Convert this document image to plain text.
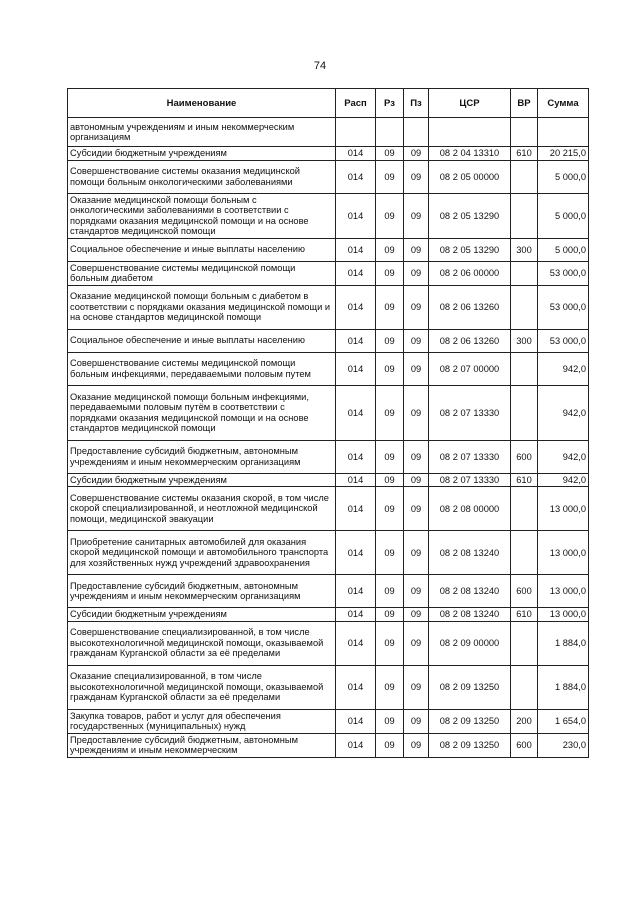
74
Наименование	Расп	Рз	Пз	ЦСР	ВР	Сумма
автономным учреждениям и иным некоммерческим организациям						
Субсидии бюджетным учреждениям	014	09	09	08 2 04 13310	610	20 215,0
Совершенствование системы оказания медицинской помощи больным онкологическими заболеваниями	014	09	09	08 2 05 00000		5 000,0
Оказание медицинской помощи больным с онкологическими заболеваниями в соответствии с порядками оказания медицинской помощи и на основе стандартов медицинской помощи	014	09	09	08 2 05 13290		5 000,0
Социальное обеспечение и иные выплаты населению	014	09	09	08 2 05 13290	300	5 000,0
Совершенствование системы медицинской помощи больным диабетом	014	09	09	08 2 06 00000		53 000,0
Оказание медицинской помощи больным с диабетом в соответствии с порядками оказания медицинской помощи и на основе стандартов медицинской помощи	014	09	09	08 2 06 13260		53 000,0
Социальное обеспечение и иные выплаты населению	014	09	09	08 2 06 13260	300	53 000,0
Совершенствование системы медицинской помощи больным инфекциями, передаваемыми половым путем	014	09	09	08 2 07 00000		942,0
Оказание медицинской помощи больным инфекциями, передаваемыми половым путём в соответствии с порядками оказания медицинской помощи и на основе стандартов медицинской помощи	014	09	09	08 2 07 13330		942,0
Предоставление субсидий бюджетным, автономным учреждениям и иным некоммерческим организациям	014	09	09	08 2 07 13330	600	942,0
Субсидии бюджетным учреждениям	014	09	09	08 2 07 13330	610	942,0
Совершенствование системы оказания скорой, в том числе скорой специализированной, и неотложной медицинской помощи, медицинской эвакуации	014	09	09	08 2 08 00000		13 000,0
Приобретение санитарных автомобилей для оказания скорой медицинской помощи и автомобильного транспорта для хозяйственных нужд учреждений здравоохранения	014	09	09	08 2 08 13240		13 000,0
Предоставление субсидий бюджетным, автономным учреждениям и иным некоммерческим организациям	014	09	09	08 2 08 13240	600	13 000,0
Субсидии бюджетным учреждениям	014	09	09	08 2 08 13240	610	13 000,0
Совершенствование специализированной, в том числе высокотехнологичной медицинской помощи, оказываемой гражданам Курганской области за её пределами	014	09	09	08 2 09 00000		1 884,0
Оказание специализированной, в том числе высокотехнологичной медицинской помощи, оказываемой гражданам Курганской области за её пределами	014	09	09	08 2 09 13250		1 884,0
Закупка товаров, работ и услуг для обеспечения государственных (муниципальных) нужд	014	09	09	08 2 09 13250	200	1 654,0
Предоставление субсидий бюджетным, автономным учреждениям и иным некоммерческим	014	09	09	08 2 09 13250	600	230,0
